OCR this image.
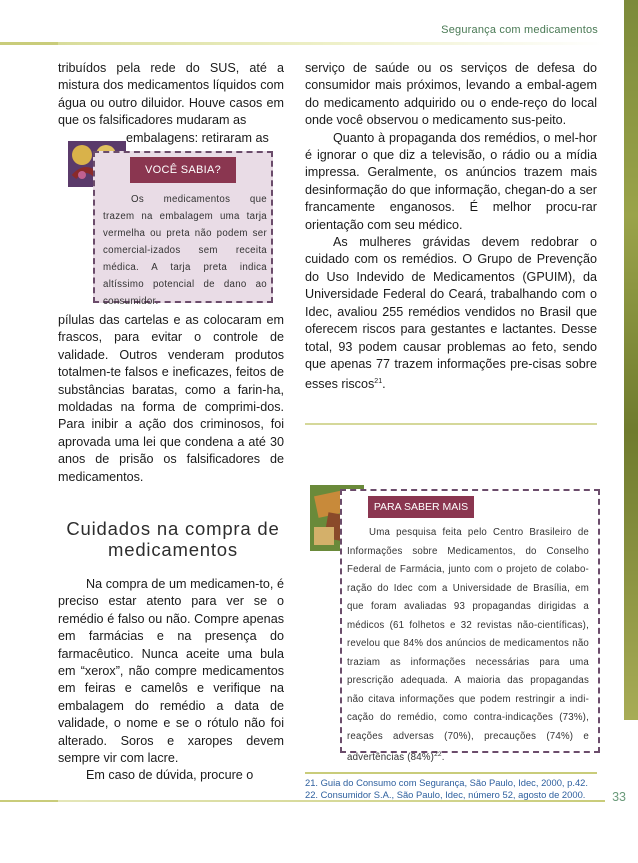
Segurança com medicamentos

tribuídos pela rede do SUS, até a mistura dos medicamentos líquidos com água ou outro diluidor. Houve casos em que os falsificadores mudaram as

embalagens: retiraram as

VOCÊ SABIA?
Os medicamentos que trazem na embalagem uma tarja vermelha ou preta não podem ser comercial-izados sem receita médica. A tarja preta indica altíssimo potencial de dano ao consumidor.

pílulas das cartelas e as colocaram em frascos, para evitar o controle de validade. Outros venderam produtos totalmen-te falsos e ineficazes, feitos de substâncias baratas, como a farin-ha, moldadas na forma de comprimi-dos. Para inibir a ação dos criminosos, foi aprovada uma lei que condena a até 30 anos de prisão os falsificadores de medicamentos.

Cuidados na compra de medicamentos

Na compra de um medicamen-to, é preciso estar atento para ver se o remédio é falso ou não. Compre apenas em farmácias e na presença do farmacêutico. Nunca aceite uma bula em “xerox”, não compre medicamentos em feiras e camelôs e verifique na embalagem do remédio a data de validade, o nome e se o rótulo não foi alterado. Soros e xaropes devem sempre vir com lacre.

Em caso de dúvida, procure o

serviço de saúde ou os serviços de defesa do consumidor mais próximos, levando a embal-agem do medicamento adquirido ou o ende-reço do local onde você observou o medicamento sus-peito.

Quanto à propaganda dos remédios, o mel-hor é ignorar o que diz a televisão, o rádio ou a mídia impressa. Geralmente, os anúncios trazem mais desinformação do que informação, chegan-do a ser francamente enganosos. É melhor procu-rar orientação com seu médico.

As mulheres grávidas devem redobrar o cuidado com os remédios. O Grupo de Prevenção do Uso Indevido de Medicamentos (GPUIM), da Universidade Federal do Ceará, trabalhando com o Idec, avaliou 255 remédios vendidos no Brasil que oferecem riscos para gestantes e lactantes. Desse total, 93 podem causar problemas ao feto, sendo que apenas 77 trazem informações pre-cisas sobre esses riscos$^{21}$.

PARA SABER MAIS
Uma pesquisa feita pelo Centro Brasileiro de Informações sobre Medicamentos, do Conselho Federal de Farmácia, junto com o projeto de colabo-ração do Idec com a Universidade de Brasília, em que foram avaliadas 93 propagandas dirigidas a médicos (61 folhetos e 32 revistas não-científicas), revelou que 84% dos anúncios de medicamentos não traziam as informações necessárias para uma prescrição adequada. A maioria das propagandas não citava informações que podem restringir a indi-cação do remédio, como contra-indicações (73%), reações adversas (70%), precauções (74%) e advertências $(84\%)^{22}$.

21. Guia do Consumo com Segurança, São Paulo, Idec, 2000, p.42.

22. Consumidor S.A., São Paulo, Idec, número 52, agosto de 2000.	33
